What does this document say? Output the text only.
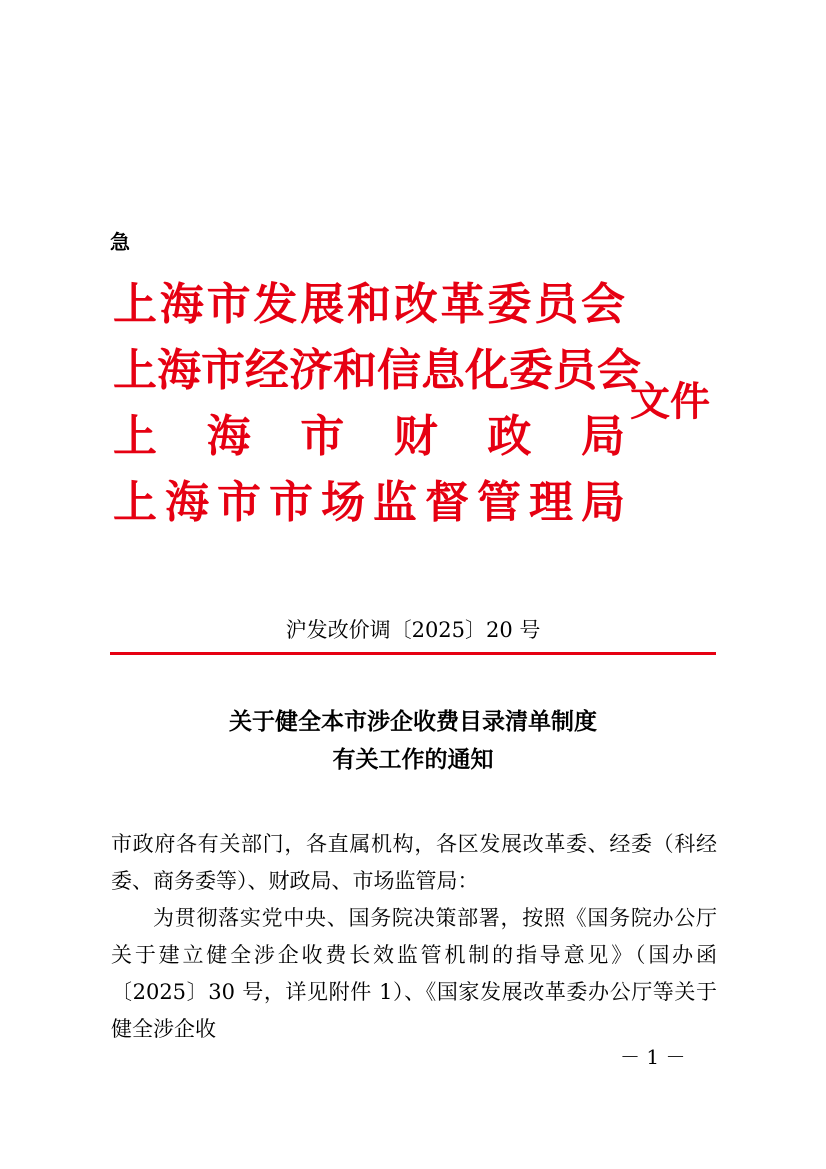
急
上海市发展和改革委员会
上海市经济和信息化委员会
上　海　市　财　政　局
上海市市场监督管理局
文件
沪发改价调〔2025〕20 号
关于健全本市涉企收费目录清单制度
有关工作的通知

市政府各有关部门，各直属机构，各区发展改革委、经委（科经委、商务委等）、财政局、市场监管局：

为贯彻落实党中央、国务院决策部署，按照《国务院办公厅关于建立健全涉企收费长效监管机制的指导意见》（国办函〔2025〕30 号，详见附件 1）、《国家发展改革委办公厅等关于健全涉企收

－ 1 －
